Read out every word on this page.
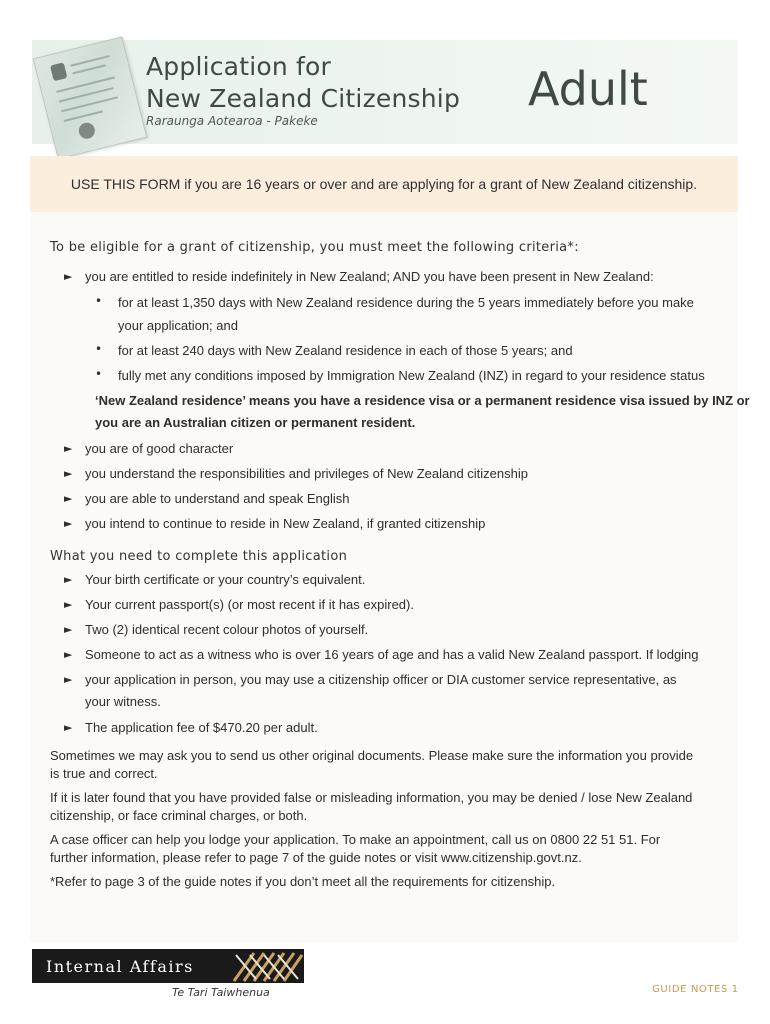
Application for
New Zealand Citizenship
Raraunga Aotearoa - Pakeke
Adult
USE THIS FORM if you are 16 years or over and are applying for a grant of New Zealand citizenship.
To be eligible for a grant of citizenship, you must meet the following criteria*:
► you are entitled to reside indefinitely in New Zealand; AND you have been present in New Zealand:
• for at least 1,350 days with New Zealand residence during the 5 years immediately before you make
your application; and
• for at least 240 days with New Zealand residence in each of those 5 years; and
• fully met any conditions imposed by Immigration New Zealand (INZ) in regard to your residence status
‘New Zealand residence’ means you have a residence visa or a permanent residence visa issued by INZ or
you are an Australian citizen or permanent resident.
► you are of good character
► you understand the responsibilities and privileges of New Zealand citizenship
► you are able to understand and speak English
► you intend to continue to reside in New Zealand, if granted citizenship
What you need to complete this application
► Your birth certificate or your country’s equivalent.
► Your current passport(s) (or most recent if it has expired).
► Two (2) identical recent colour photos of yourself.
► Someone to act as a witness who is over 16 years of age and has a valid New Zealand passport. If lodging
► your application in person, you may use a citizenship officer or DIA customer service representative, as
your witness.
► The application fee of $470.20 per adult.
Sometimes we may ask you to send us other original documents. Please make sure the information you provide
is true and correct.
If it is later found that you have provided false or misleading information, you may be denied / lose New Zealand
citizenship, or face criminal charges, or both.
A case officer can help you lodge your application. To make an appointment, call us on 0800 22 51 51. For
further information, please refer to page 7 of the guide notes or visit www.citizenship.govt.nz.
*Refer to page 3 of the guide notes if you don’t meet all the requirements for citizenship.
Internal Affairs
Te Tari Taiwhenua	GUIDE NOTES 1
